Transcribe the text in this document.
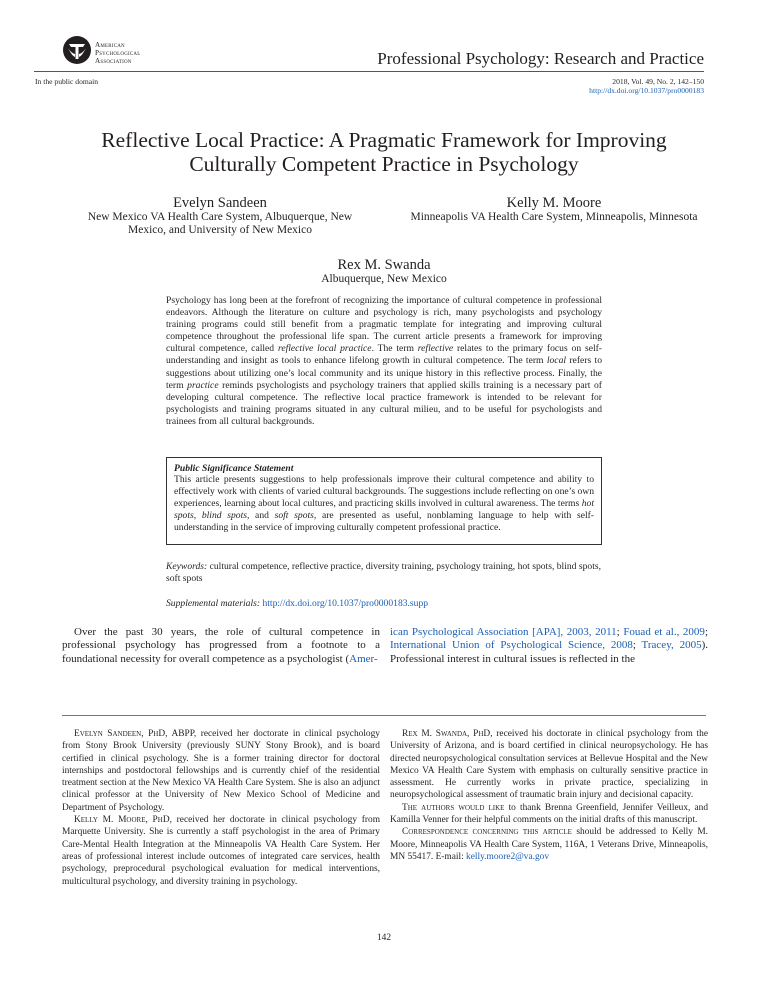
American
Psychological
Association	Professional Psychology: Research and Practice
In the public domain	2018, Vol. 49, No. 2, 142–150
http://dx.doi.org/10.1037/pro0000183
Reflective Local Practice: A Pragmatic Framework for Improving
Culturally Competent Practice in Psychology
Evelyn Sandeen
New Mexico VA Health Care System, Albuquerque, New
Mexico, and University of New Mexico
Kelly M. Moore
Minneapolis VA Health Care System, Minneapolis, Minnesota
Rex M. Swanda
Albuquerque, New Mexico
Psychology has long been at the forefront of recognizing the importance of cultural competence in professional endeavors. Although the literature on culture and psychology is rich, many psychologists and psychology training programs could still benefit from a pragmatic template for integrating and improving cultural competence throughout the professional life span. The current article presents a framework for improving cultural competence, called reflective local practice. The term reflective relates to the primary focus on self-understanding and insight as tools to enhance lifelong growth in cultural competence. The term local refers to suggestions about utilizing one’s local community and its unique history in this reflective process. Finally, the term practice reminds psychologists and psychology trainers that applied skills training is a necessary part of developing cultural competence. The reflective local practice framework is intended to be relevant for psychologists and training programs situated in any cultural milieu, and to be useful for psychologists and trainees from all cultural backgrounds.
Public Significance Statement
This article presents suggestions to help professionals improve their cultural competence and ability to effectively work with clients of varied cultural backgrounds. The suggestions include reflecting on one’s own experiences, learning about local cultures, and practicing skills involved in cultural awareness. The terms hot spots, blind spots, and soft spots, are presented as useful, nonblaming language to help with self-understanding in the service of improving culturally competent professional practice.
Keywords: cultural competence, reflective practice, diversity training, psychology training, hot spots, blind spots, soft spots
Supplemental materials: http://dx.doi.org/10.1037/pro0000183.supp
Over the past 30 years, the role of cultural competence in professional psychology has progressed from a footnote to a foundational necessity for overall competence as a psychologist (Amer-
ican Psychological Association [APA], 2003, 2011; Fouad et al., 2009; International Union of Psychological Science, 2008; Tracey, 2005). Professional interest in cultural issues is reflected in the

Evelyn Sandeen, PhD, ABPP, received her doctorate in clinical psychology from Stony Brook University (previously SUNY Stony Brook), and is board certified in clinical psychology. She is a former training director for doctoral internships and postdoctoral fellowships and is currently chief of the residential treatment section at the New Mexico VA Health Care System. She is also an adjunct clinical professor at the University of New Mexico School of Medicine and Department of Psychology.

Kelly M. Moore, PhD, received her doctorate in clinical psychology from Marquette University. She is currently a staff psychologist in the area of Primary Care-Mental Health Integration at the Minneapolis VA Health Care System. Her areas of professional interest include outcomes of integrated care services, health psychology, preprocedural psychological evaluation for medical interventions, multicultural psychology, and diversity training in psychology.

Rex M. Swanda, PhD, received his doctorate in clinical psychology from the University of Arizona, and is board certified in clinical neuropsychology. He has directed neuropsychological consultation services at Bellevue Hospital and the New Mexico VA Health Care System with emphasis on culturally sensitive practice in assessment. He currently works in private practice, specializing in neuropsychological assessment of traumatic brain injury and decisional capacity.

The authors would like to thank Brenna Greenfield, Jennifer Veilleux, and Kamilla Venner for their helpful comments on the initial drafts of this manuscript.

Correspondence concerning this article should be addressed to Kelly M. Moore, Minneapolis VA Health Care System, 116A, 1 Veterans Drive, Minneapolis, MN 55417. E-mail: kelly.moore2@va.gov

142
